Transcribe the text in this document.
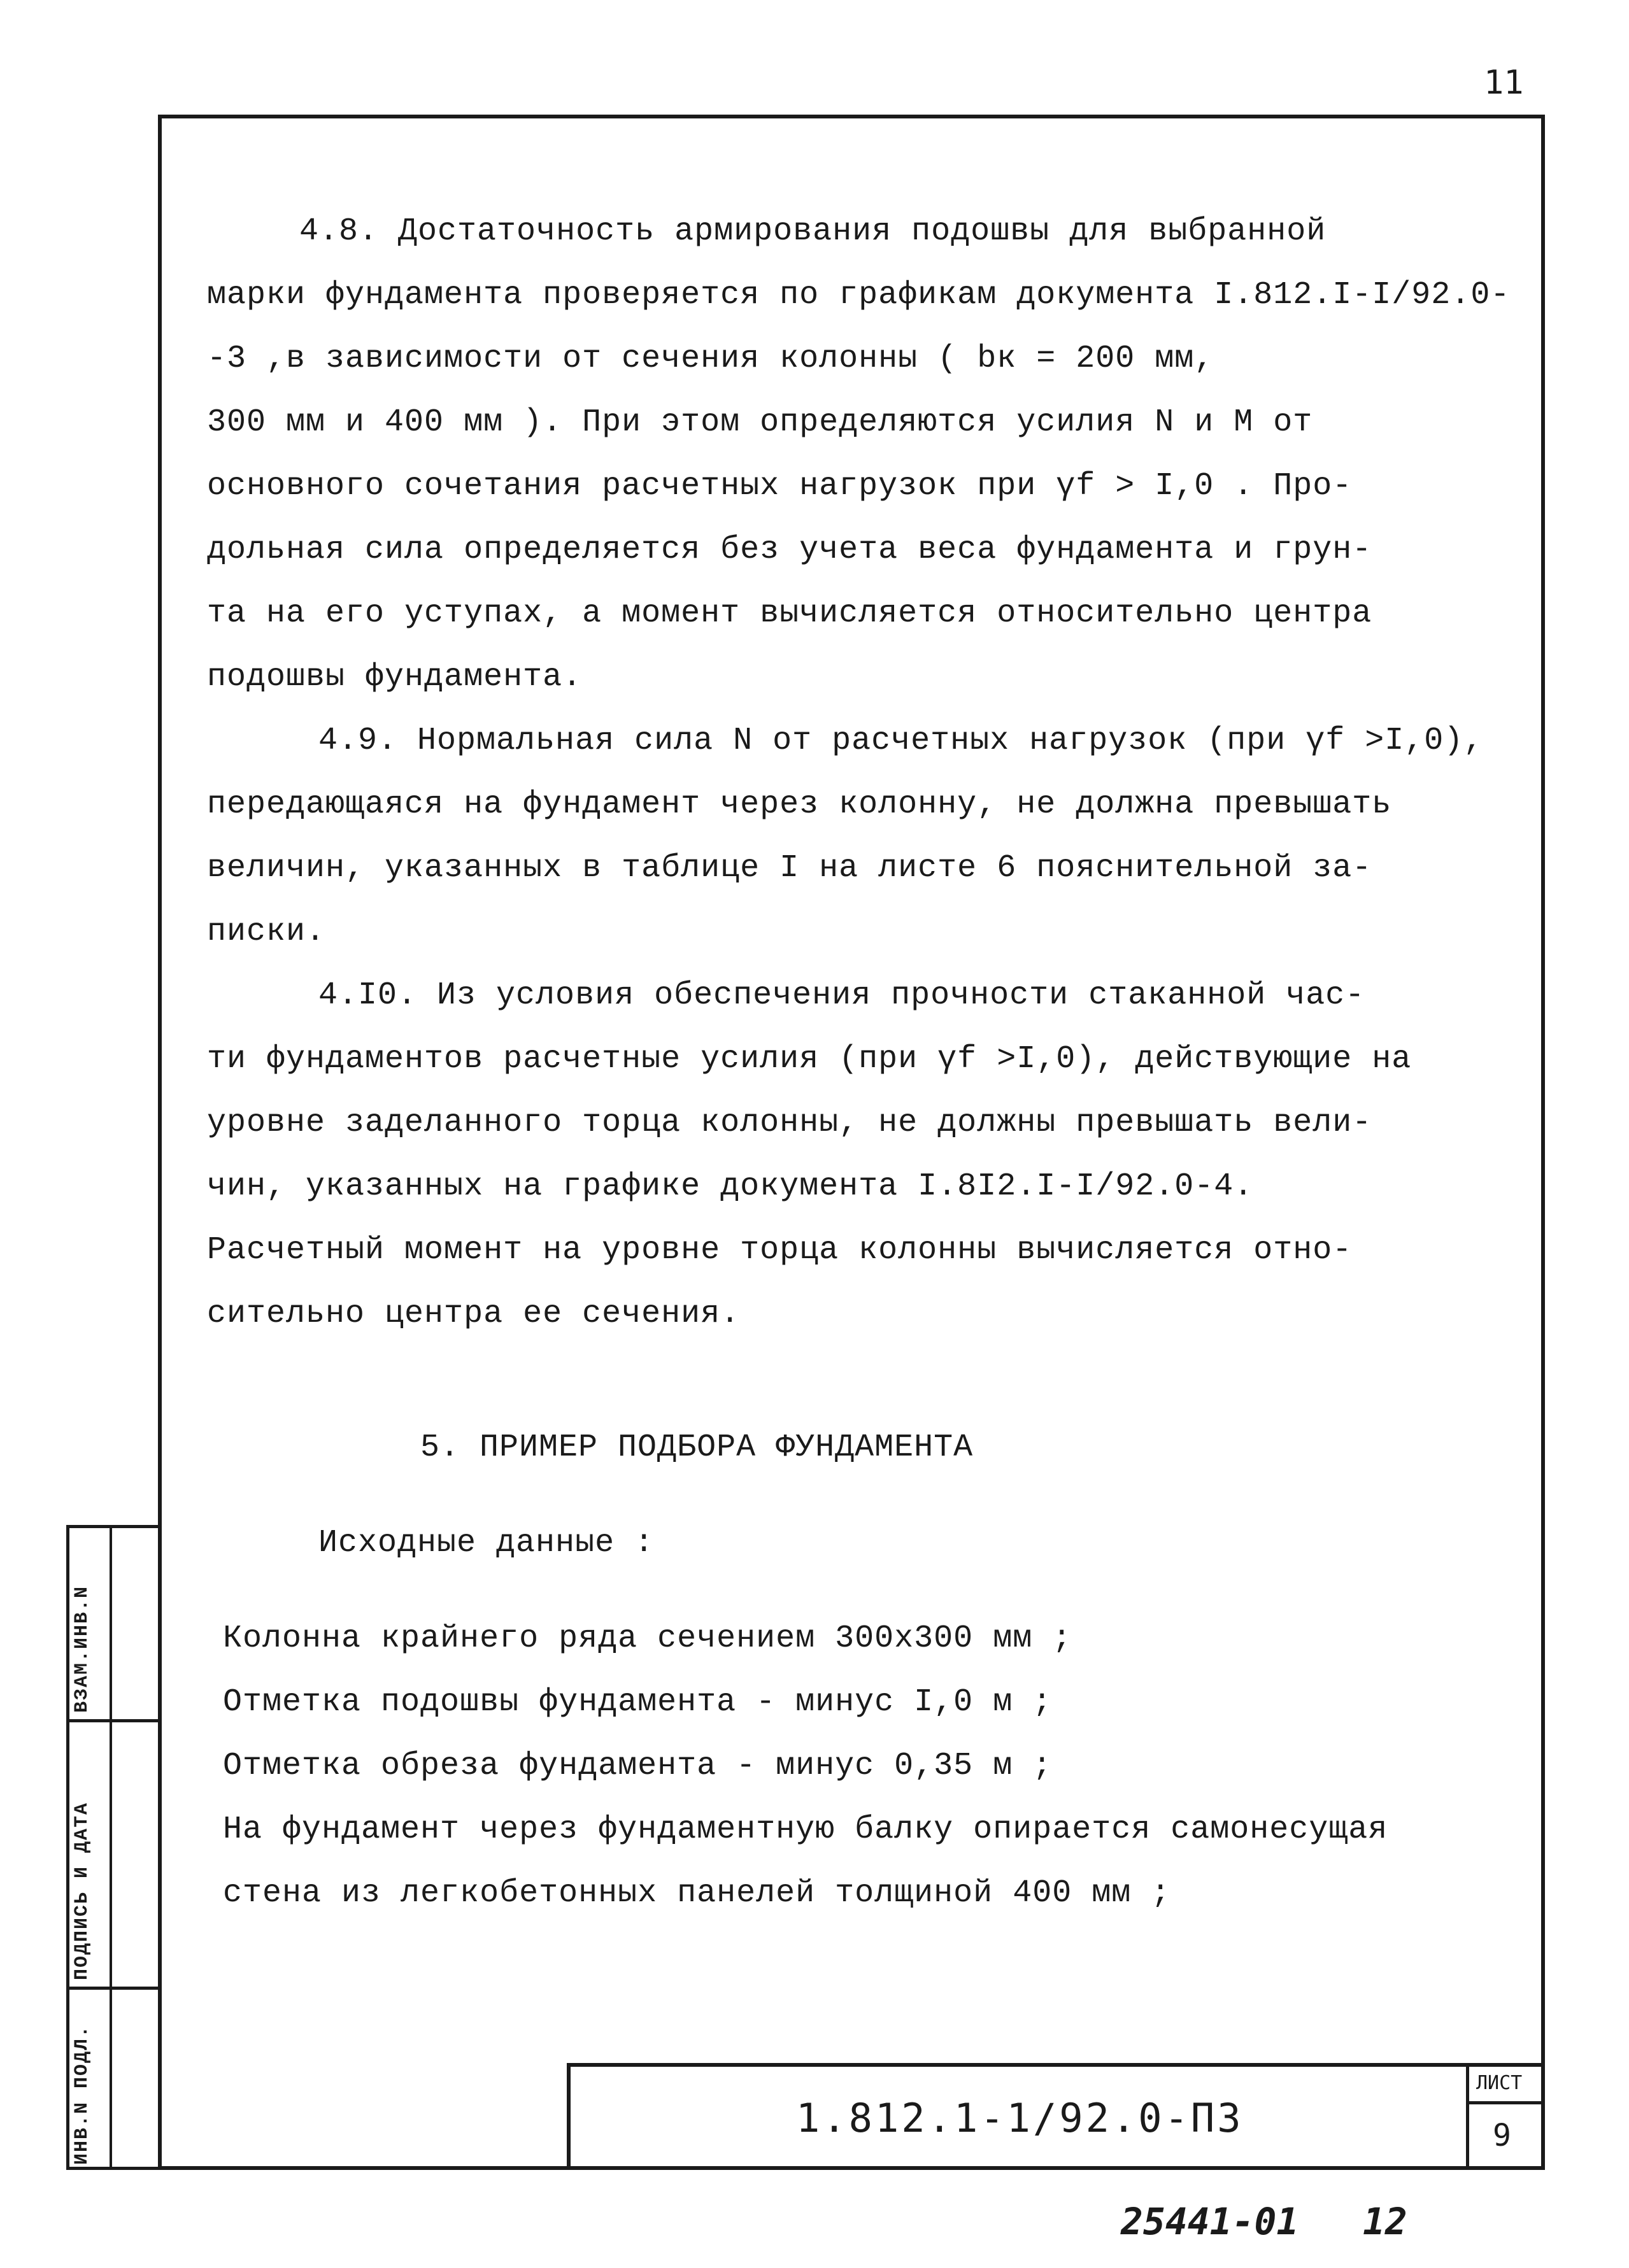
11
4.8. Достаточность армирования подошвы для выбранной
марки фундамента проверяется по графикам документа I.812.I-I/92.0-
-3 ,в зависимости от сечения колонны ( bк = 200 мм,
300 мм и 400 мм ). При этом определяются усилия N и M от
основного сочетания расчетных нагрузок при γf > I,0 . Про-
дольная сила определяется без учета веса фундамента и грун-
та на его уступах, а момент вычисляется относительно центра
подошвы фундамента.
4.9. Нормальная сила N от расчетных нагрузок (при γf >I,0),
передающаяся на фундамент через колонну, не должна превышать
величин, указанных в таблице I на листе 6 пояснительной за-
писки.
4.I0. Из условия обеспечения прочности стаканной час-
ти фундаментов расчетные усилия (при γf >I,0), действующие на
уровне заделанного торца колонны, не должны превышать вели-
чин, указанных на графике документа I.8I2.I-I/92.0-4.
Расчетный момент на уровне торца колонны вычисляется отно-
сительно центра ее сечения.
5. ПРИМЕР ПОДБОРА ФУНДАМЕНТА
Исходные данные :
Колонна крайнего ряда сечением 300х300 мм ;
Отметка подошвы фундамента - минус I,0 м ;
Отметка обреза фундамента - минус 0,35 м ;
На фундамент через фундаментную балку опирается самонесущая
стена из легкобетонных панелей толщиной 400 мм ;
ВЗАМ.ИНВ.N
ПОДПИСЬ И ДАТА
ИНВ.N ПОДЛ.	1.812.1-1/92.0-ПЗ
ЛИСТ
9
25441-01 12
